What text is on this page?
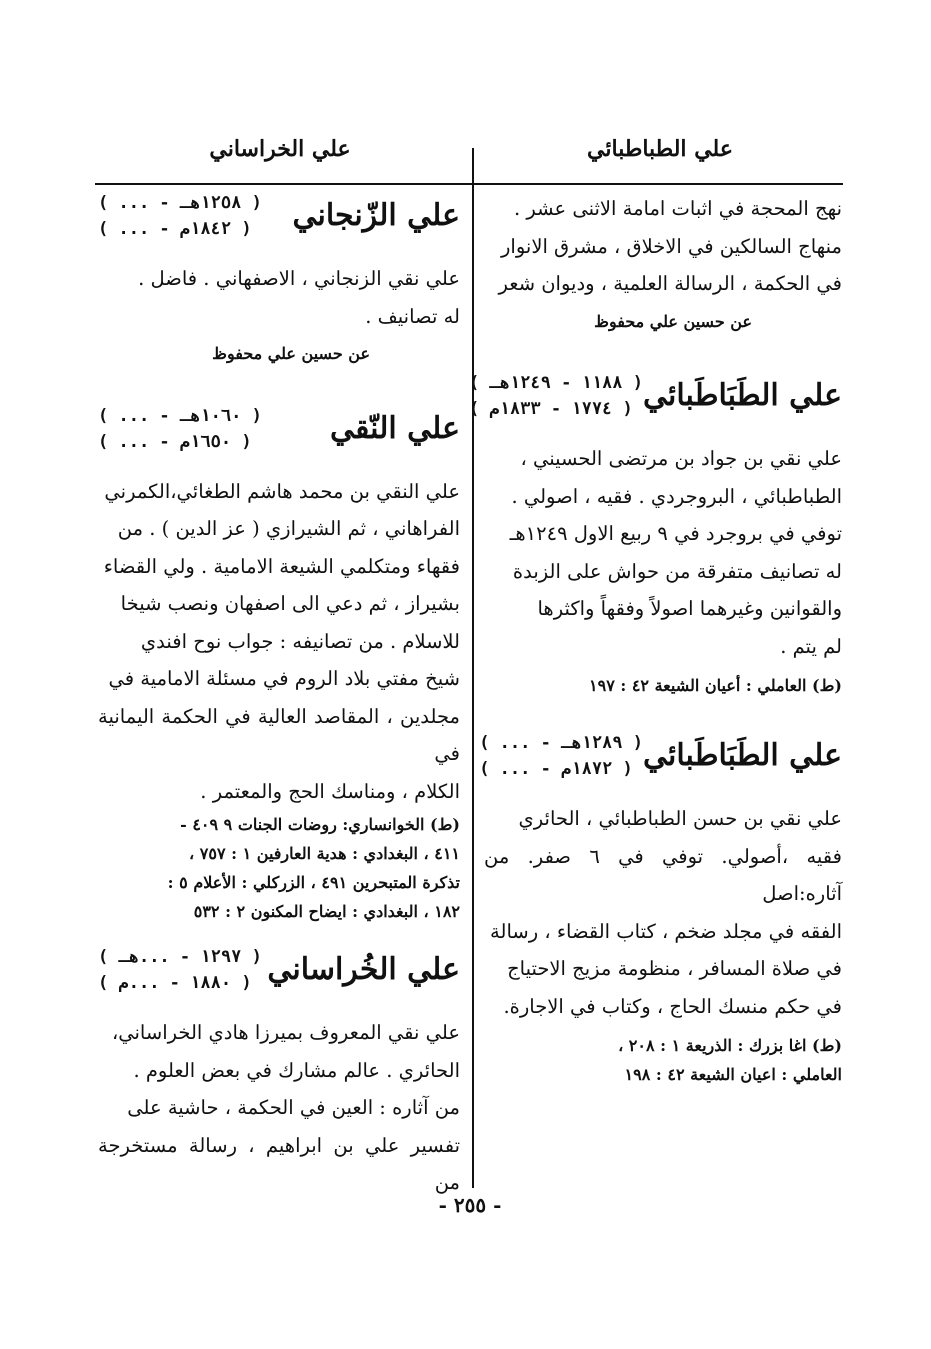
علي الطباطبائي
علي الخراساني

نهج المحجة في اثبات امامة الاثنى عشر .

منهاج السالكين في الاخلاق ، مشرق الانوار

في الحكمة ، الرسالة العلمية ، وديوان شعر

عن حسين علي محفوظ

علي الطَبَاطَبائي
( ١١٨٨ - ١٢٤٩هـ )
( ١٧٧٤ - ١٨٣٣م )

علي نقي بن جواد بن مرتضى الحسيني ،

الطباطبائي ، البروجردي . فقيه ، اصولي .

توفي في بروجرد في ٩ ربيع الاول ١٢٤٩هـ

له تصانيف متفرقة من حواش على الزبدة

والقوانين وغيرهما اصولاً وفقهاً واكثرها

لم يتم .

(ط) العاملي : أعيان الشيعة ٤٢ : ١٩٧

علي الطَبَاطَبائي
( ... - ١٢٨٩هـ )
( ... - ١٨٧٢م )

علي نقي بن حسن الطباطبائي ، الحائري

فقيه ،أصولي. توفي في ٦ صفر. من آثاره:اصل

الفقه في مجلد ضخم ، كتاب القضاء ، رسالة

في صلاة المسافر ، منظومة مزيج الاحتياج

في حكم منسك الحاج ، وكتاب في الاجارة.

(ط) اغا بزرك : الذريعة ١ : ٢٠٨ ،

العاملي : اعيان الشيعة ٤٢ : ١٩٨

علي الزّنجاني
( ... - ١٢٥٨هـ )
( ... - ١٨٤٢م )

علي نقي الزنجاني ، الاصفهاني . فاضل .

له تصانيف .

عن حسين علي محفوظ

علي النّقي
( ... - ١٠٦٠هـ )
( ... - ١٦٥٠م )

علي النقي بن محمد هاشم الطغائي،الكمرني

الفراهاني ، ثم الشيرازي ( عز الدين ) . من

فقهاء ومتكلمي الشيعة الامامية . ولي القضاء

بشيراز ، ثم دعي الى اصفهان ونصب شيخا

للاسلام . من تصانيفه : جواب نوح افندي

شيخ مفتي بلاد الروم في مسئلة الامامية في

مجلدين ، المقاصد العالية في الحكمة اليمانية في

الكلام ، ومناسك الحج والمعتمر .

(ط) الخوانساري: روضات الجنات ٩ ٤٠٩ -

٤١١ ، البغدادي : هدية العارفين ١ : ٧٥٧ ،

تذكرة المتبحرين ٤٩١ ، الزركلي : الأعلام ٥ :

١٨٢ ، البغدادي : ايضاح المكنون ٢ : ٥٣٢

علي الخُراساني
( ١٢٩٧ - ...هـ )
( ١٨٨٠ - ...م )

علي نقي المعروف بميرزا هادي الخراساني،

الحائري . عالم مشارك في بعض العلوم .

من آثاره : العين في الحكمة ، حاشية على

تفسير علي بن ابراهيم ، رسالة مستخرجة من

- ٢٥٥ -
